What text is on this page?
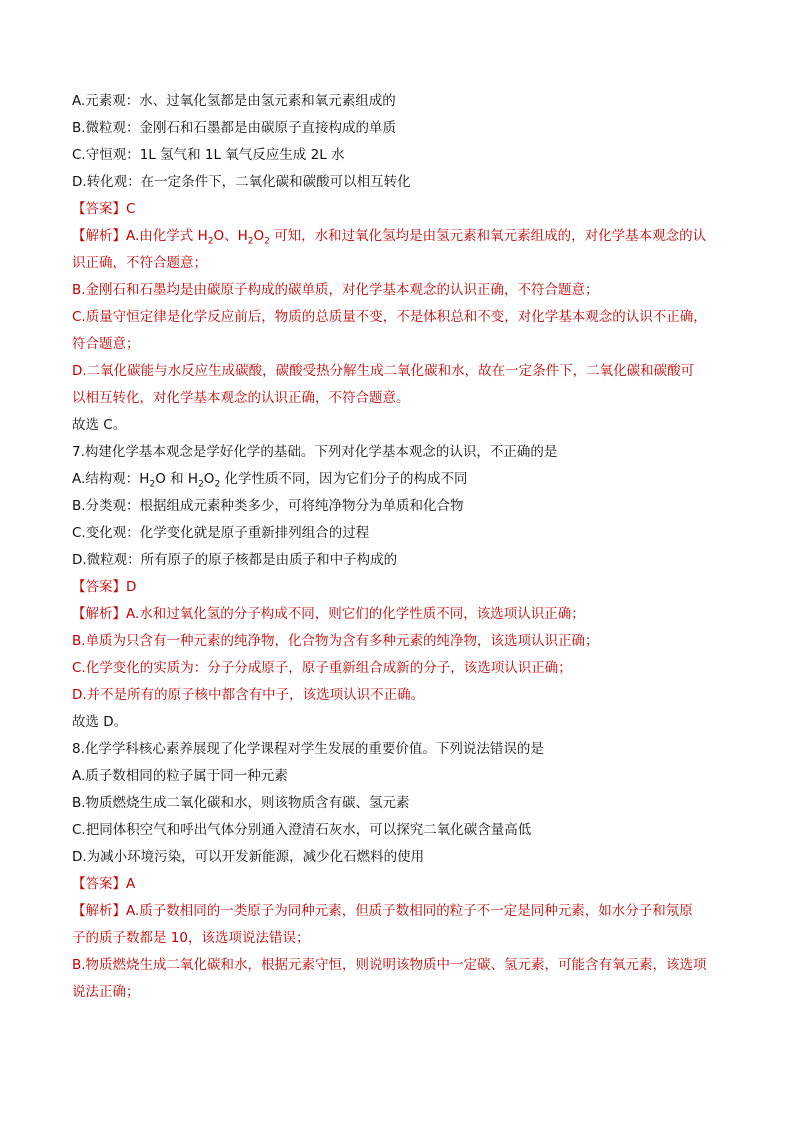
A.元素观：水、过氧化氢都是由氢元素和氧元素组成的
B.微粒观：金刚石和石墨都是由碳原子直接构成的单质
C.守恒观：1L 氢气和 1L 氧气反应生成 2L 水
D.转化观：在一定条件下，二氧化碳和碳酸可以相互转化
【答案】C
【解析】A.由化学式 $H_2O$、$H_2O_2$ 可知，水和过氧化氢均是由氢元素和氧元素组成的，对化学基本观念的认
识正确，不符合题意；
B.金刚石和石墨均是由碳原子构成的碳单质，对化学基本观念的认识正确，不符合题意；
C.质量守恒定律是化学反应前后，物质的总质量不变，不是体积总和不变，对化学基本观念的认识不正确，
符合题意；
D.二氧化碳能与水反应生成碳酸，碳酸受热分解生成二氧化碳和水，故在一定条件下，二氧化碳和碳酸可
以相互转化，对化学基本观念的认识正确，不符合题意。
故选 C。
7.构建化学基本观念是学好化学的基础。下列对化学基本观念的认识，不正确的是
A.结构观：$H_2O$ 和 $H_2O_2$ 化学性质不同，因为它们分子的构成不同
B.分类观：根据组成元素种类多少，可将纯净物分为单质和化合物
C.变化观：化学变化就是原子重新排列组合的过程
D.微粒观：所有原子的原子核都是由质子和中子构成的
【答案】D
【解析】A.水和过氧化氢的分子构成不同，则它们的化学性质不同，该选项认识正确；
B.单质为只含有一种元素的纯净物，化合物为含有多种元素的纯净物，该选项认识正确；
C.化学变化的实质为：分子分成原子，原子重新组合成新的分子，该选项认识正确；
D.并不是所有的原子核中都含有中子，该选项认识不正确。
故选 D。
8.化学学科核心素养展现了化学课程对学生发展的重要价值。下列说法错误的是
A.质子数相同的粒子属于同一种元素
B.物质燃烧生成二氧化碳和水，则该物质含有碳、氢元素
C.把同体积空气和呼出气体分别通入澄清石灰水，可以探究二氧化碳含量高低
D.为减小环境污染，可以开发新能源，减少化石燃料的使用
【答案】A
【解析】A.质子数相同的一类原子为同种元素，但质子数相同的粒子不一定是同种元素，如水分子和氖原
子的质子数都是 10，该选项说法错误；
B.物质燃烧生成二氧化碳和水，根据元素守恒，则说明该物质中一定碳、氢元素，可能含有氧元素，该选项
说法正确；
